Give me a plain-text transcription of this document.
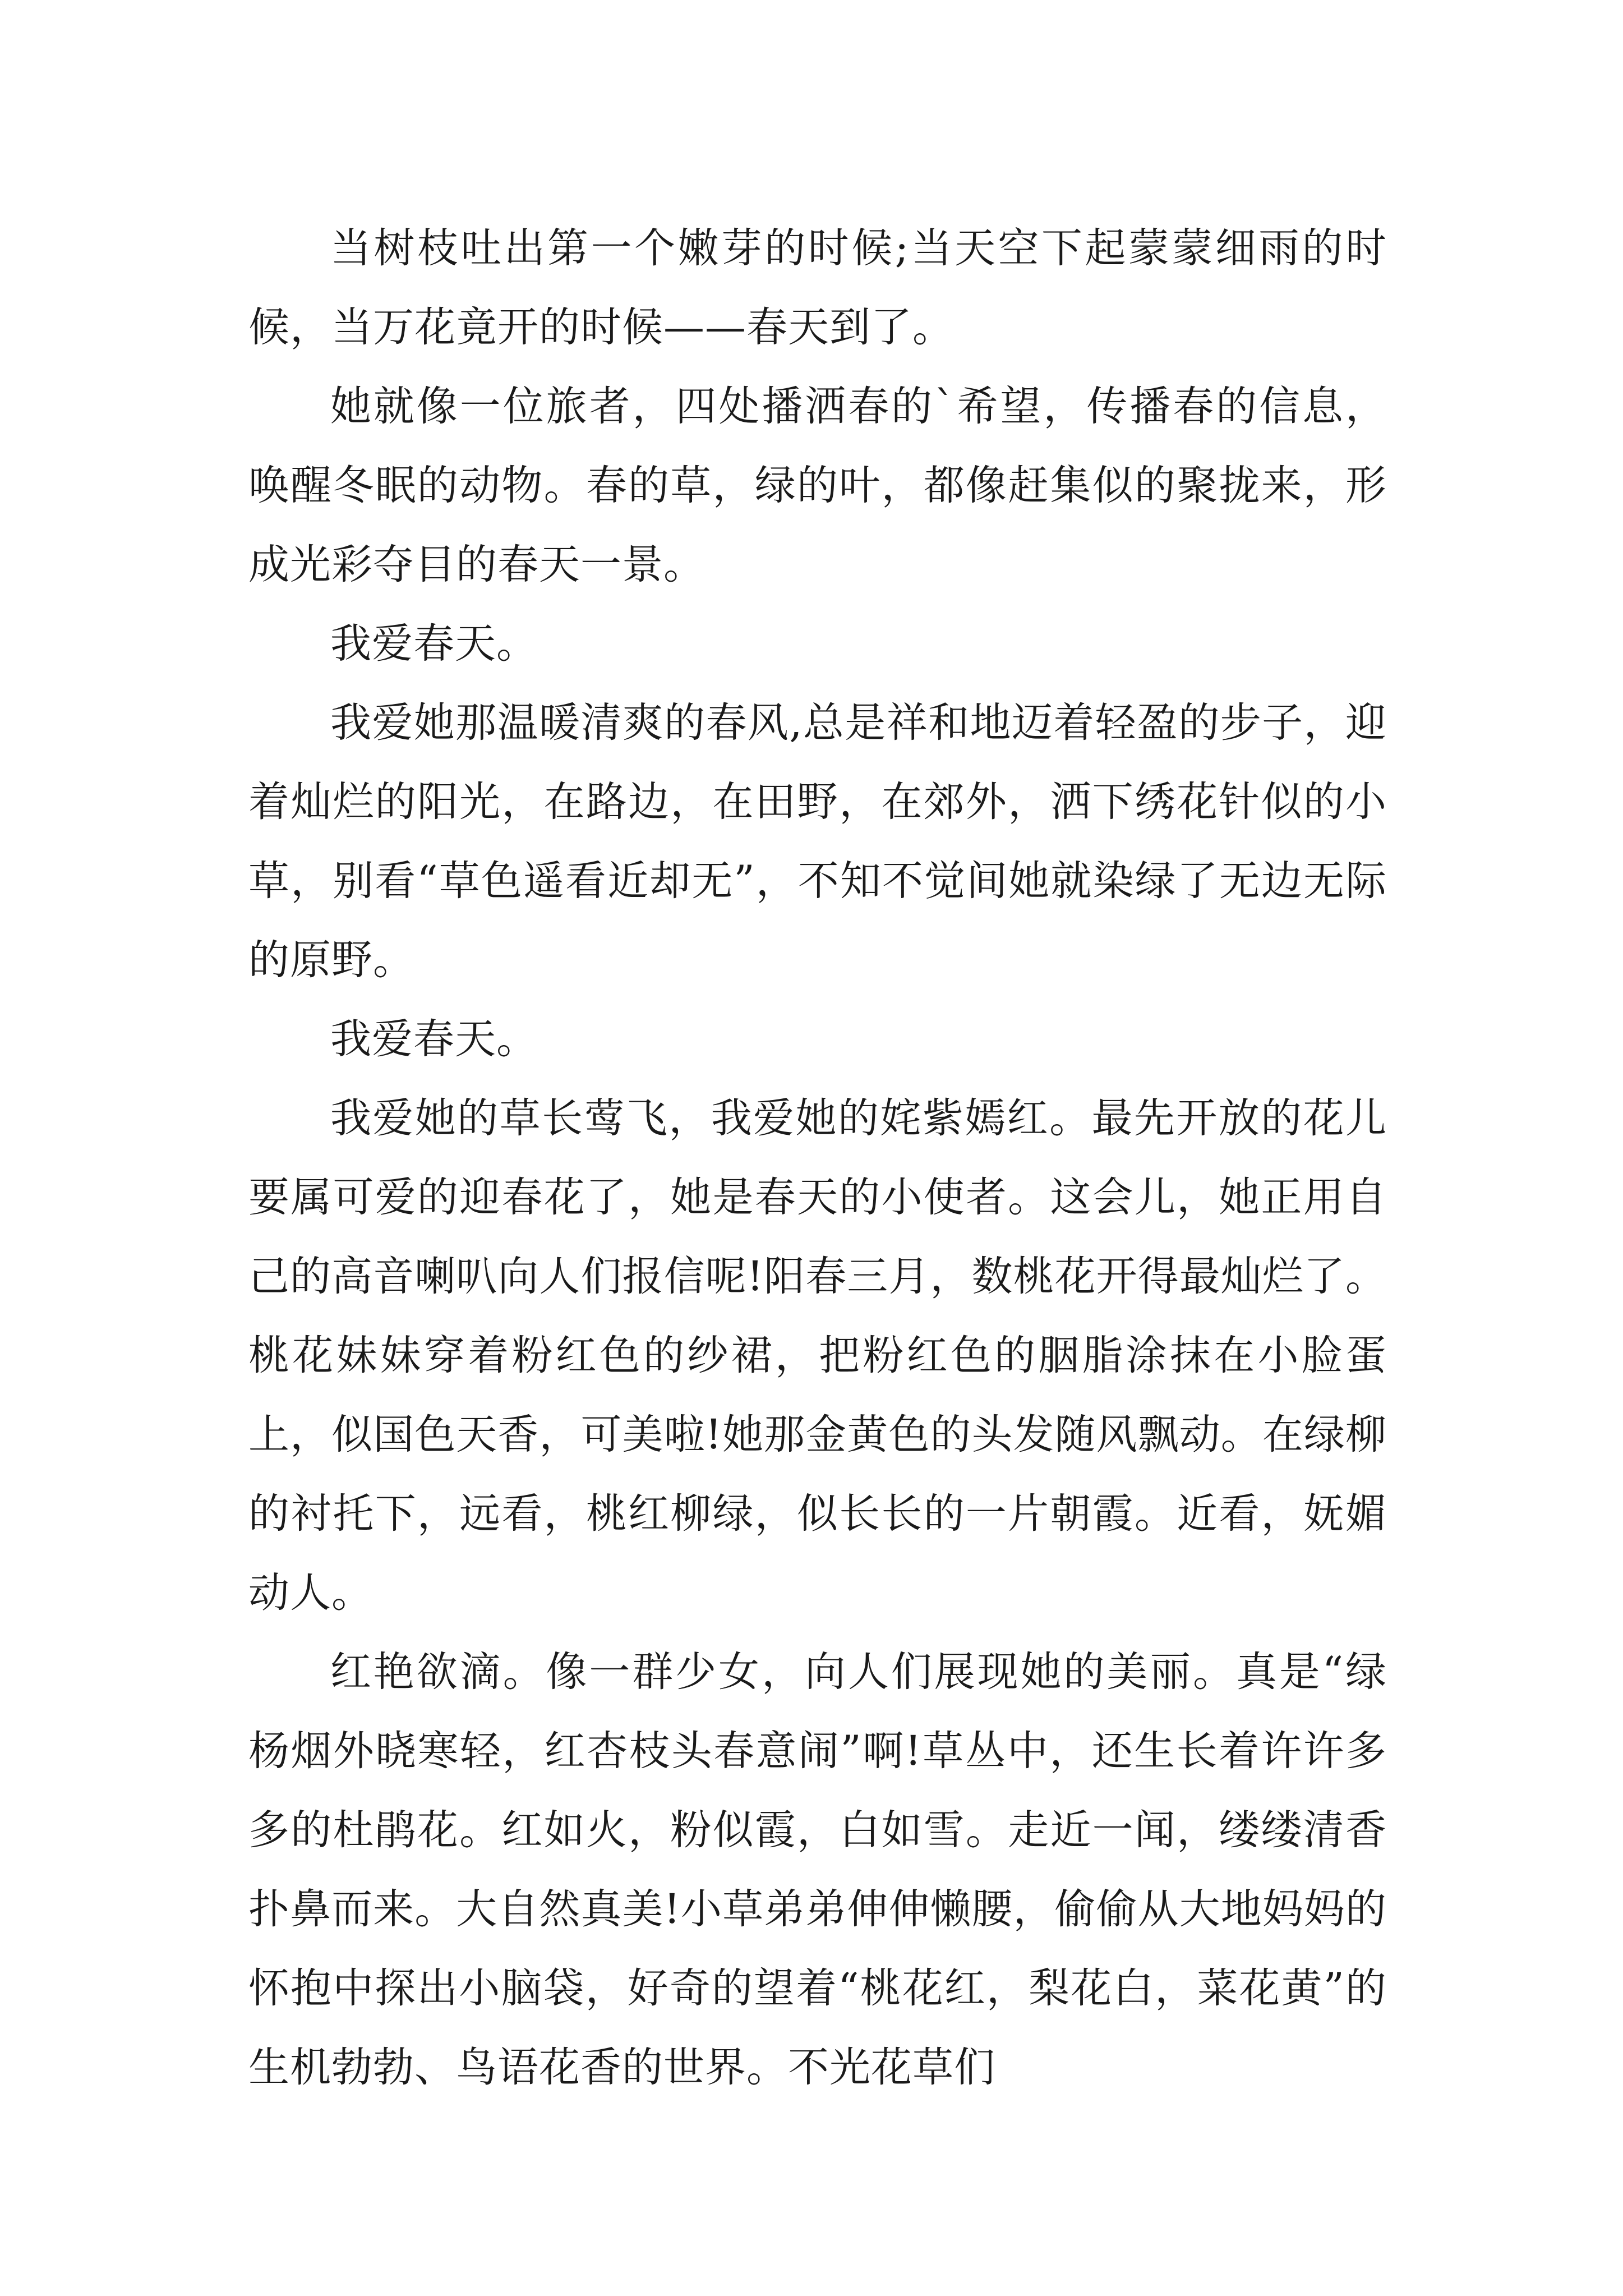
当树枝吐出第一个嫩芽的时候;当天空下起蒙蒙细雨的时候，当万花竟开的时候——春天到了。

她就像一位旅者，四处播洒春的`希望，传播春的信息，唤醒冬眠的动物。春的草，绿的叶，都像赶集似的聚拢来，形成光彩夺目的春天一景。

我爱春天。

我爱她那温暖清爽的春风,总是祥和地迈着轻盈的步子，迎着灿烂的阳光，在路边，在田野，在郊外，洒下绣花针似的小草，别看“草色遥看近却无”，不知不觉间她就染绿了无边无际的原野。

我爱春天。

我爱她的草长莺飞，我爱她的姹紫嫣红。最先开放的花儿要属可爱的迎春花了，她是春天的小使者。这会儿，她正用自己的高音喇叭向人们报信呢!阳春三月，数桃花开得最灿烂了。桃花妹妹穿着粉红色的纱裙，把粉红色的胭脂涂抹在小脸蛋上，似国色天香，可美啦!她那金黄色的头发随风飘动。在绿柳的衬托下，远看，桃红柳绿，似长长的一片朝霞。近看，妩媚动人。

红艳欲滴。像一群少女，向人们展现她的美丽。真是“绿杨烟外晓寒轻，红杏枝头春意闹”啊!草丛中，还生长着许许多多的杜鹃花。红如火，粉似霞，白如雪。走近一闻，缕缕清香扑鼻而来。大自然真美!小草弟弟伸伸懒腰，偷偷从大地妈妈的怀抱中探出小脑袋，好奇的望着“桃花红，梨花白，菜花黄”的生机勃勃、鸟语花香的世界。不光花草们
